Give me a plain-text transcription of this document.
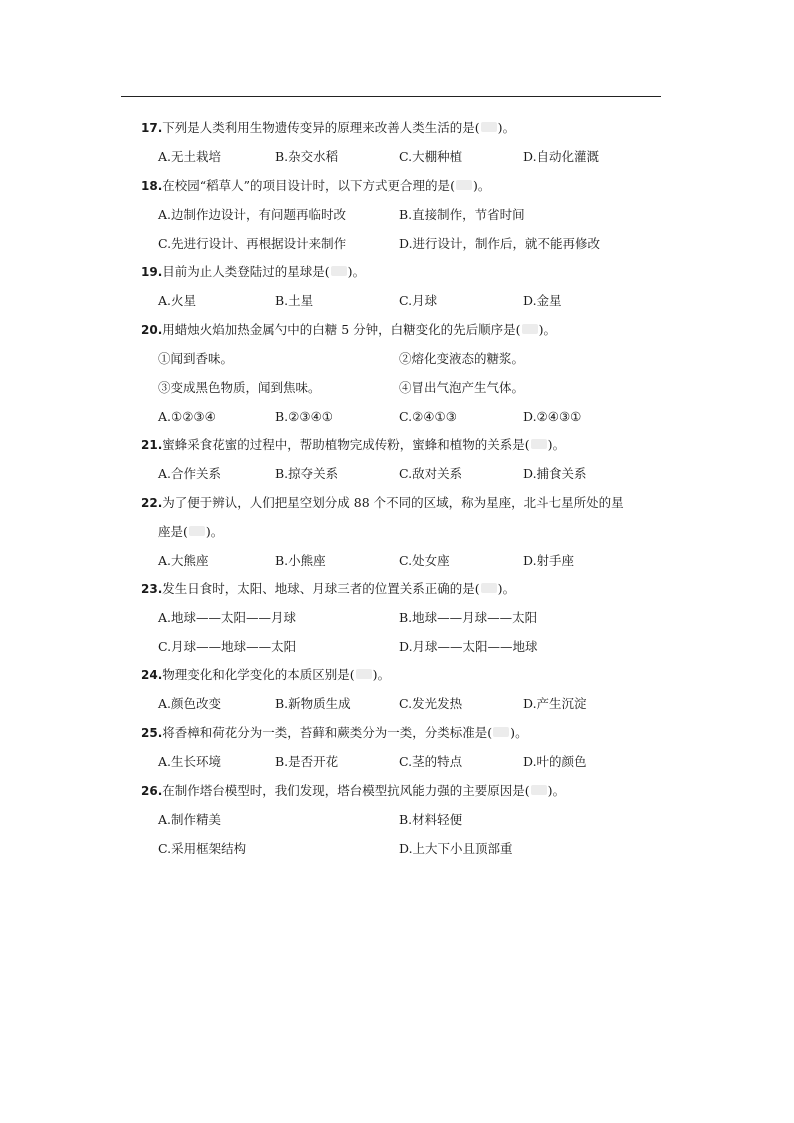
17.下列是人类利用生物遗传变异的原理来改善人类生活的是( )。
A.无土栽培	B.杂交水稻	C.大棚种植	D.自动化灌溉
18.在校园“稻草人”的项目设计时，以下方式更合理的是( )。
A.边制作边设计，有问题再临时改	B.直接制作，节省时间
C.先进行设计、再根据设计来制作	D.进行设计，制作后，就不能再修改
19.目前为止人类登陆过的星球是( )。
A.火星	B.土星	C.月球	D.金星
20.用蜡烛火焰加热金属勺中的白糖 5 分钟，白糖变化的先后顺序是( )。
①闻到香味。	②熔化变液态的糖浆。
③变成黑色物质，闻到焦味。	④冒出气泡产生气体。
A.①②③④	B.②③④①	C.②④①③	D.②④③①
21.蜜蜂采食花蜜的过程中，帮助植物完成传粉，蜜蜂和植物的关系是( )。
A.合作关系	B.掠夺关系	C.敌对关系	D.捕食关系
22.为了便于辨认，人们把星空划分成 88 个不同的区域，称为星座，北斗七星所处的星
座是( )。
A.大熊座	B.小熊座	C.处女座	D.射手座
23.发生日食时，太阳、地球、月球三者的位置关系正确的是( )。
A.地球——太阳——月球	B.地球——月球——太阳
C.月球——地球——太阳	D.月球——太阳——地球
24.物理变化和化学变化的本质区别是( )。
A.颜色改变	B.新物质生成	C.发光发热	D.产生沉淀
25.将香樟和荷花分为一类，苔藓和蕨类分为一类，分类标准是( )。
A.生长环境	B.是否开花	C.茎的特点	D.叶的颜色
26.在制作塔台模型时，我们发现，塔台模型抗风能力强的主要原因是( )。
A.制作精美	B.材料轻便
C.采用框架结构	D.上大下小且顶部重
